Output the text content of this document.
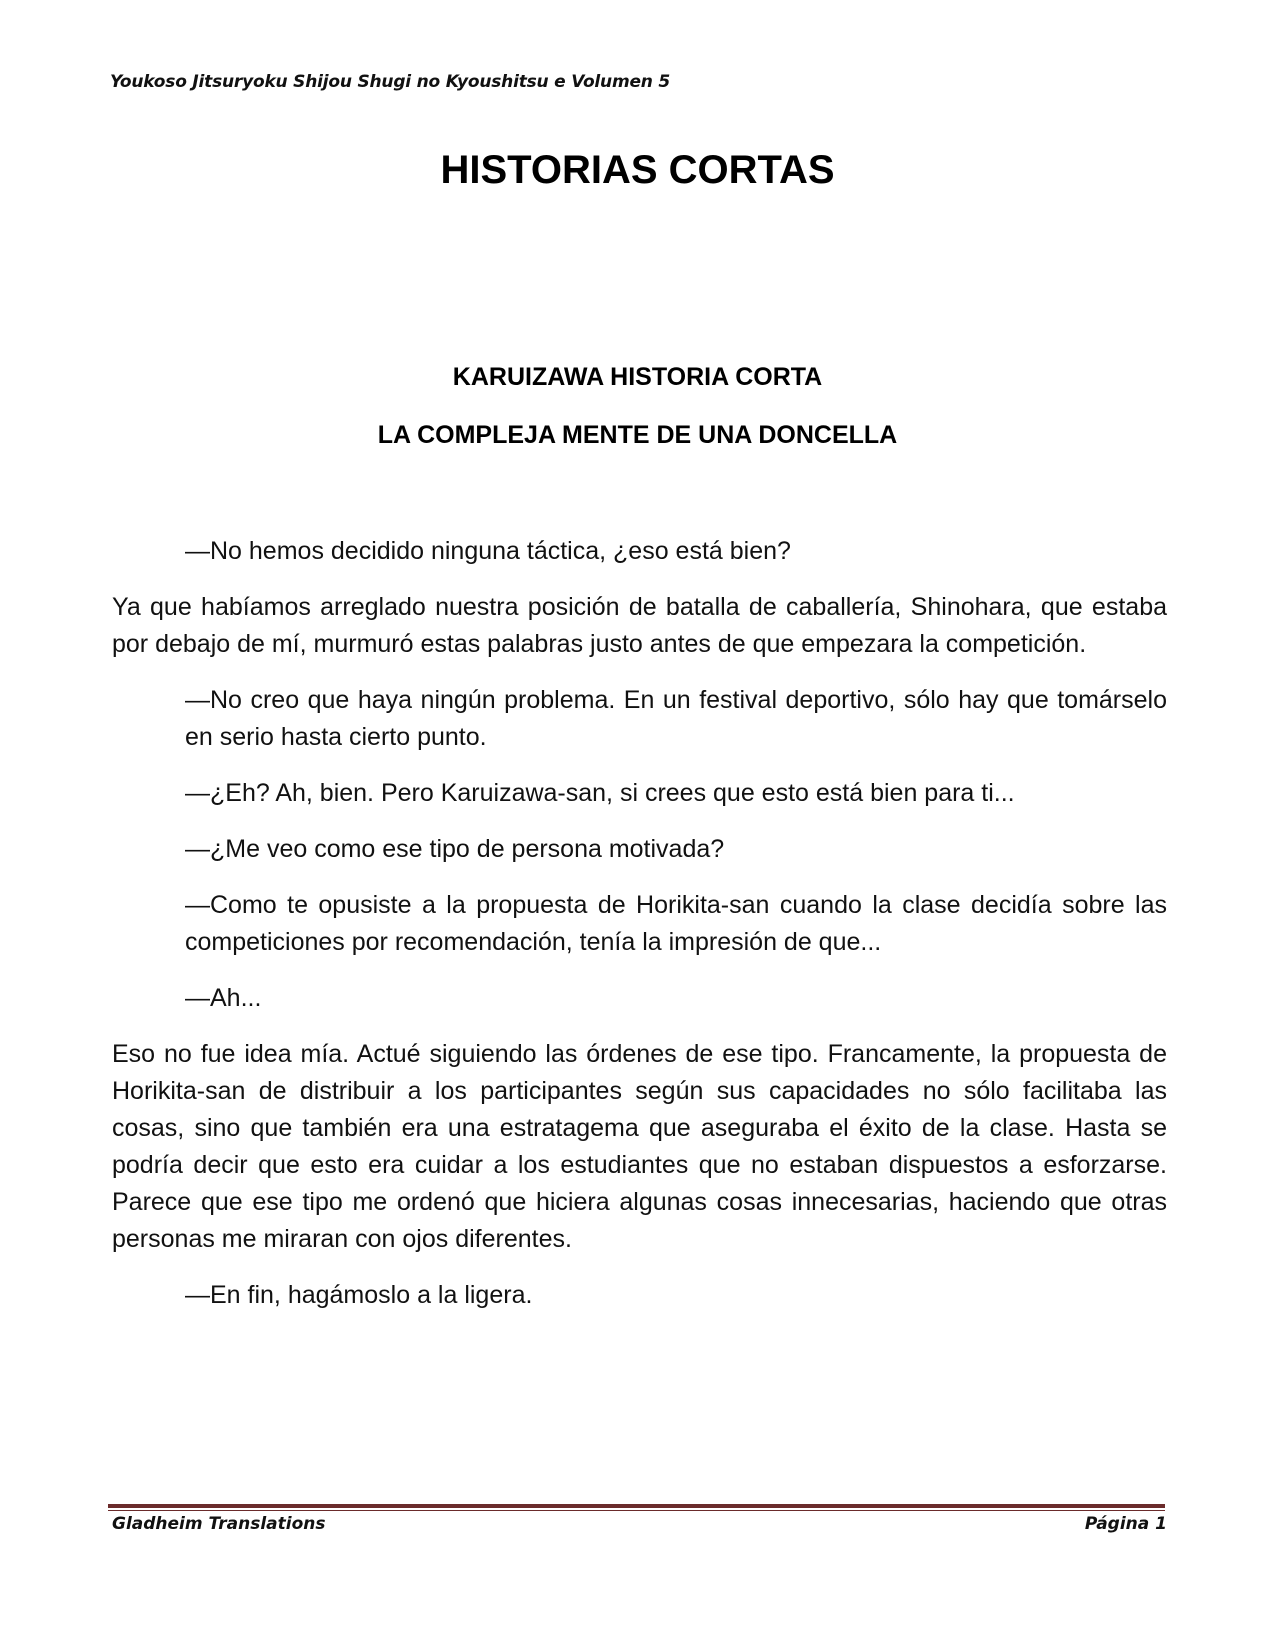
Youkoso Jitsuryoku Shijou Shugi no Kyoushitsu e Volumen 5
HISTORIAS CORTAS
KARUIZAWA HISTORIA CORTA
LA COMPLEJA MENTE DE UNA DONCELLA

—No hemos decidido ninguna táctica, ¿eso está bien?

Ya que habíamos arreglado nuestra posición de batalla de caballería, Shinohara, que estaba por debajo de mí, murmuró estas palabras justo antes de que empezara la competición.

—No creo que haya ningún problema. En un festival deportivo, sólo hay que tomárselo en serio hasta cierto punto.

—¿Eh? Ah, bien. Pero Karuizawa-san, si crees que esto está bien para ti...

—¿Me veo como ese tipo de persona motivada?

—Como te opusiste a la propuesta de Horikita-san cuando la clase decidía sobre las competiciones por recomendación, tenía la impresión de que...

—Ah...

Eso no fue idea mía. Actué siguiendo las órdenes de ese tipo. Francamente, la propuesta de Horikita-san de distribuir a los participantes según sus capacidades no sólo facilitaba las cosas, sino que también era una estratagema que aseguraba el éxito de la clase. Hasta se podría decir que esto era cuidar a los estudiantes que no estaban dispuestos a esforzarse. Parece que ese tipo me ordenó que hiciera algunas cosas innecesarias, haciendo que otras personas me miraran con ojos diferentes.

—En fin, hagámoslo a la ligera.

Gladheim Translations	Página 1
